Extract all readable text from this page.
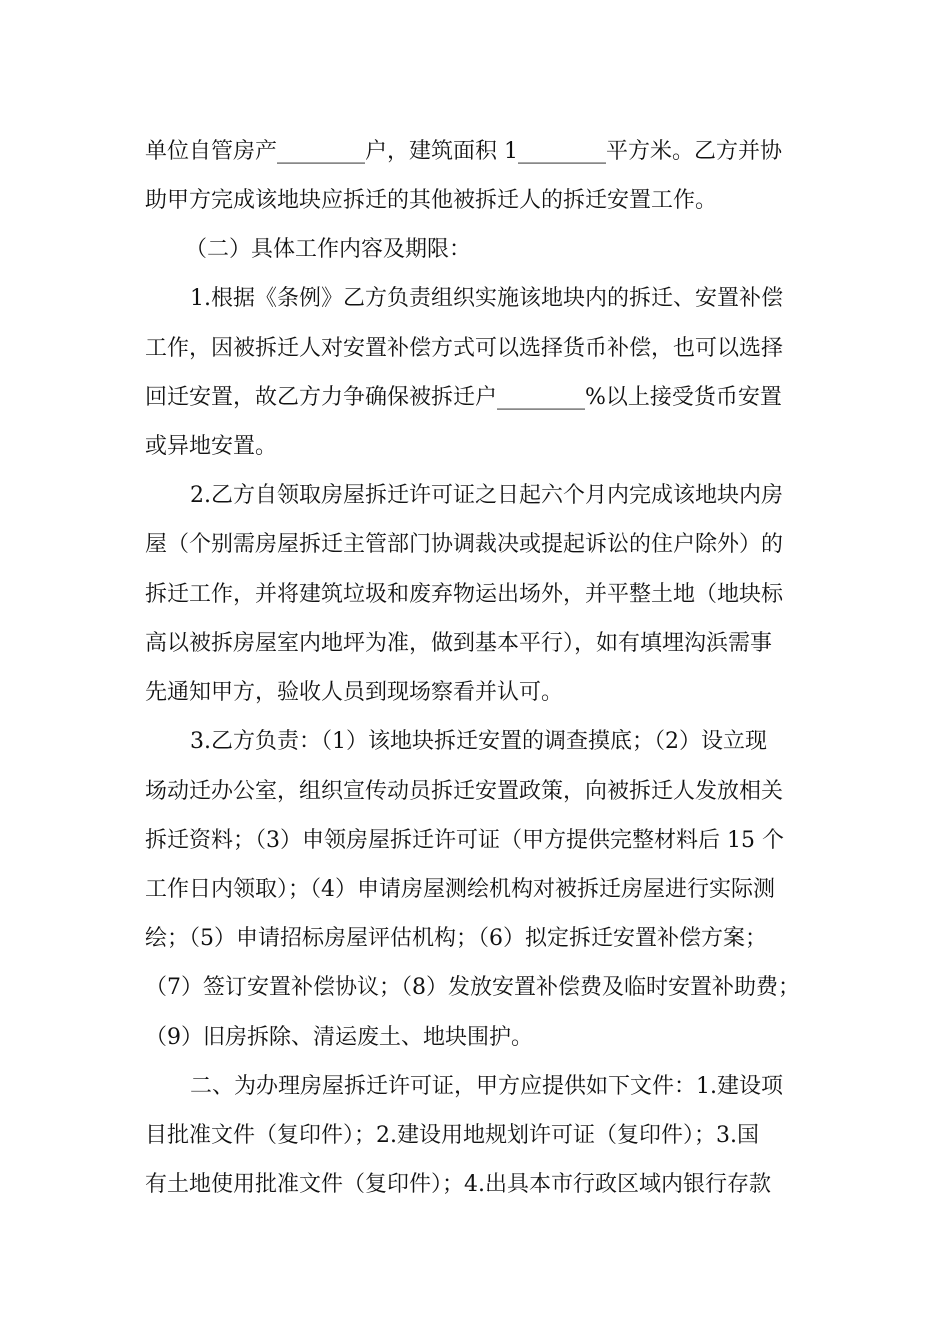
单位自管房产________户，建筑面积 1________平方米。乙方并协
助甲方完成该地块应拆迁的其他被拆迁人的拆迁安置工作。
（二）具体工作内容及期限：
1.根据《条例》乙方负责组织实施该地块内的拆迁、安置补偿
工作，因被拆迁人对安置补偿方式可以选择货币补偿，也可以选择
回迁安置，故乙方力争确保被拆迁户________%以上接受货币安置
或异地安置。
2.乙方自领取房屋拆迁许可证之日起六个月内完成该地块内房
屋（个别需房屋拆迁主管部门协调裁决或提起诉讼的住户除外）的
拆迁工作，并将建筑垃圾和废弃物运出场外，并平整土地（地块标
高以被拆房屋室内地坪为准，做到基本平行），如有填埋沟浜需事
先通知甲方，验收人员到现场察看并认可。
3.乙方负责：（1）该地块拆迁安置的调查摸底；（2）设立现
场动迁办公室，组织宣传动员拆迁安置政策，向被拆迁人发放相关
拆迁资料；（3）申领房屋拆迁许可证（甲方提供完整材料后 15 个
工作日内领取）；（4）申请房屋测绘机构对被拆迁房屋进行实际测
绘；（5）申请招标房屋评估机构；（6）拟定拆迁安置补偿方案；
（7）签订安置补偿协议；（8）发放安置补偿费及临时安置补助费；
（9）旧房拆除、清运废土、地块围护。
二、为办理房屋拆迁许可证，甲方应提供如下文件：1.建设项
目批准文件（复印件）；2.建设用地规划许可证（复印件）；3.国
有土地使用批准文件（复印件）；4.出具本市行政区域内银行存款
